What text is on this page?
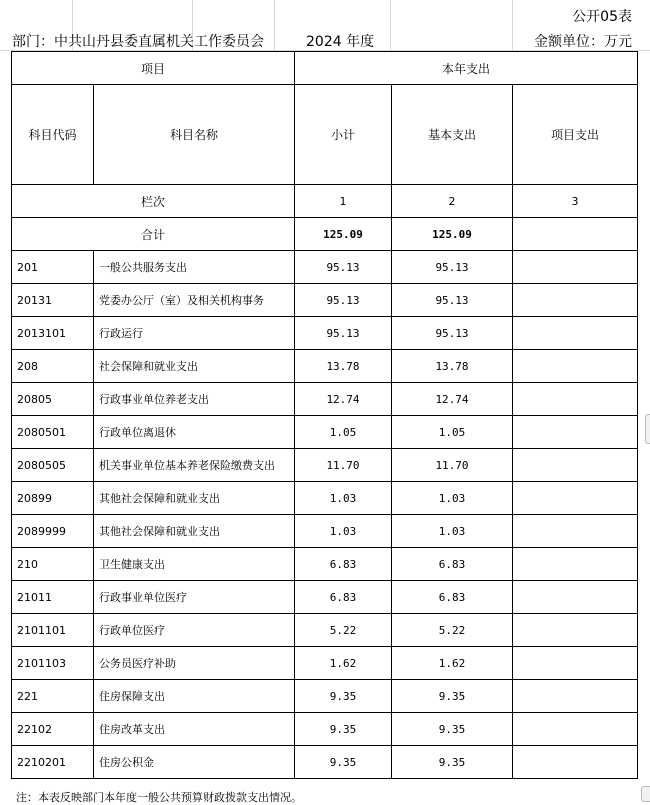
公开05表
部门：中共山丹县委直属机关工作委员会	2024 年度	金额单位：万元
项目		本年支出		
科目代码	科目名称	小计	基本支出	项目支出
栏次		1	2	3
合计		125.09	125.09	
201	一般公共服务支出	95.13	95.13	
20131	党委办公厅（室）及相关机构事务	95.13	95.13	
2013101	行政运行	95.13	95.13	
208	社会保障和就业支出	13.78	13.78	
20805	行政事业单位养老支出	12.74	12.74	
2080501	行政单位离退休	1.05	1.05	
2080505	机关事业单位基本养老保险缴费支出	11.70	11.70	
20899	其他社会保障和就业支出	1.03	1.03	
2089999	其他社会保障和就业支出	1.03	1.03	
210	卫生健康支出	6.83	6.83	
21011	行政事业单位医疗	6.83	6.83	
2101101	行政单位医疗	5.22	5.22	
2101103	公务员医疗补助	1.62	1.62	
221	住房保障支出	9.35	9.35	
22102	住房改革支出	9.35	9.35	
2210201	住房公积金	9.35	9.35	
注：本表反映部门本年度一般公共预算财政拨款支出情况。
